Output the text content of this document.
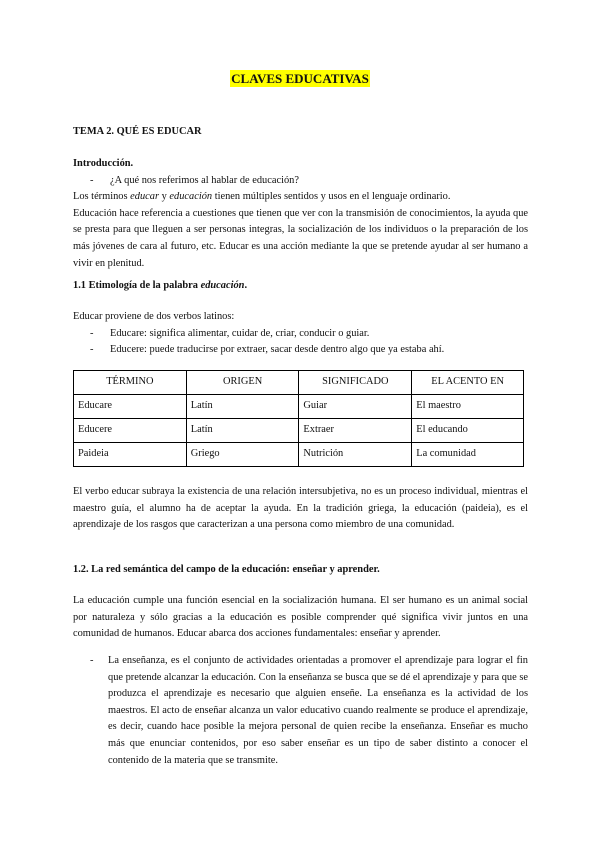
CLAVES EDUCATIVAS
TEMA 2. QUÉ ES EDUCAR

Introducción.

- ¿A qué nos referimos al hablar de educación?

Los términos educar y educación tienen múltiples sentidos y usos en el lenguaje ordinario.

Educación hace referencia a cuestiones que tienen que ver con la transmisión de conocimientos, la ayuda que se presta para que lleguen a ser personas integras, la socialización de los individuos o la preparación de los más jóvenes de cara al futuro, etc. Educar es una acción mediante la que se pretende ayudar al ser humano a vivir en plenitud.

1.1 Etimología de la palabra educación.

Educar proviene de dos verbos latinos:

- Educare: significa alimentar, cuidar de, criar, conducir o guiar.
- Educere: puede traducirse por extraer, sacar desde dentro algo que ya estaba ahí.
TÉRMINO	ORIGEN	SIGNIFICADO	EL ACENTO EN
Educare	Latín	Guiar	El maestro
Educere	Latín	Extraer	El educando
Paideia	Griego	Nutrición	La comunidad
El verbo educar subraya la existencia de una relación intersubjetiva, no es un proceso individual, mientras el maestro guía, el alumno ha de aceptar la ayuda. En la tradición griega, la educación (paideia), es el aprendizaje de los rasgos que caracterizan a una persona como miembro de una comunidad.
1.2. La red semántica del campo de la educación: enseñar y aprender.
La educación cumple una función esencial en la socialización humana. El ser humano es un animal social por naturaleza y sólo gracias a la educación es posible comprender qué significa vivir juntos en una comunidad de humanos. Educar abarca dos acciones fundamentales: enseñar y aprender.
- La enseñanza, es el conjunto de actividades orientadas a promover el aprendizaje para lograr el fin que pretende alcanzar la educación. Con la enseñanza se busca que se dé el aprendizaje y para que se produzca el aprendizaje es necesario que alguien enseñe. La enseñanza es la actividad de los maestros. El acto de enseñar alcanza un valor educativo cuando realmente se produce el aprendizaje, es decir, cuando hace posible la mejora personal de quien recibe la enseñanza. Enseñar es mucho más que enunciar contenidos, por eso saber enseñar es un tipo de saber distinto a conocer el contenido de la materia que se transmite.
